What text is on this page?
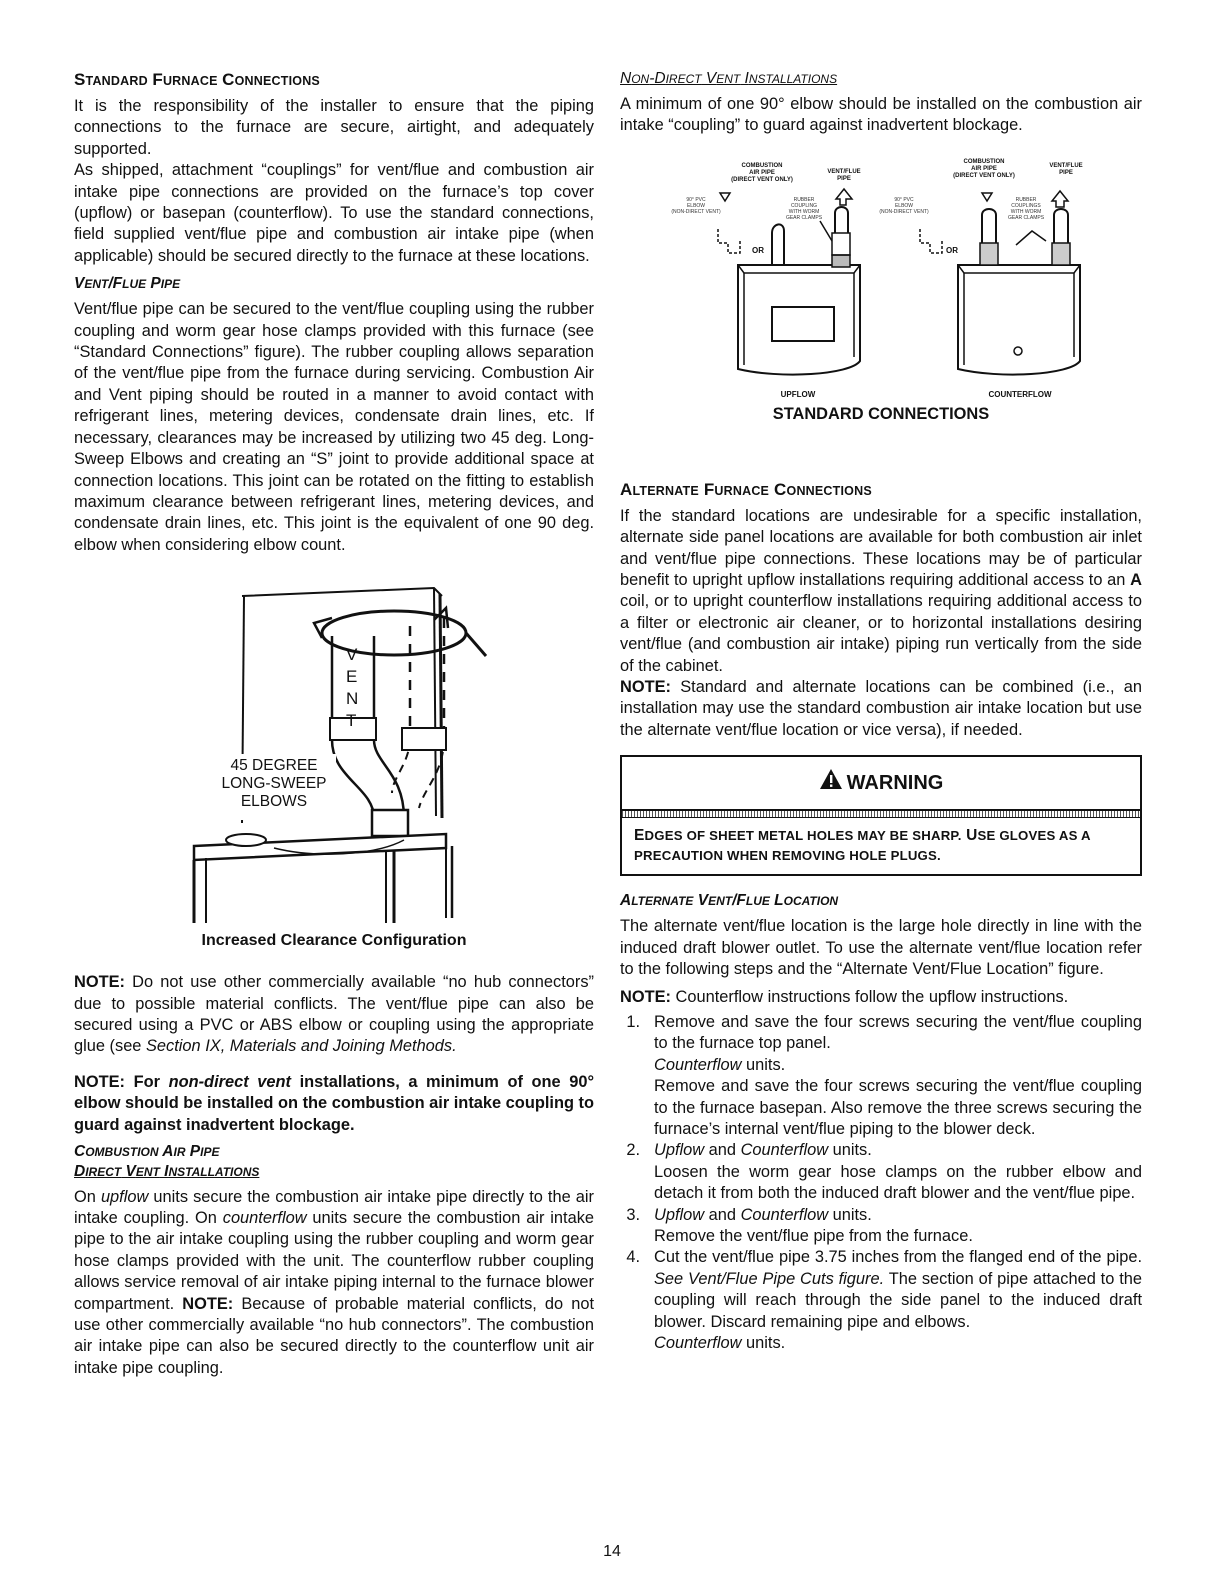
STANDARD FURNACE CONNECTIONS

It is the responsibility of the installer to ensure that the piping connections to the furnace are secure, airtight, and adequately supported.

As shipped, attachment “couplings” for vent/flue and combustion air intake pipe connections are provided on the furnace’s top cover (upflow) or basepan (counterflow). To use the standard connections, field supplied vent/flue pipe and combustion air intake pipe (when applicable) should be secured directly to the furnace at these locations.

VENT/FLUE PIPE

Vent/flue pipe can be secured to the vent/flue coupling using the rubber coupling and worm gear hose clamps provided with this furnace (see “Standard Connections” figure). The rubber coupling allows separation of the vent/flue pipe from the furnace during servicing. Combustion Air and Vent piping should be routed in a manner to avoid contact with refrigerant lines, metering devices, condensate drain lines, etc. If necessary, clearances may be increased by utilizing two 45 deg. Long-Sweep Elbows and creating an “S” joint to provide additional space at connection locations. This joint can be rotated on the fitting to establish maximum clearance between refrigerant lines, metering devices, and condensate drain lines, etc. This joint is the equivalent of one 90 deg. elbow when considering elbow count.

V
E
N
T
45 DEGREE
LONG-SWEEP
ELBOWS
Increased Clearance Configuration

NOTE: Do not use other commercially available “no hub connectors” due to possible material conflicts. The vent/flue pipe can also be secured using a PVC or ABS elbow or coupling using the appropriate glue (see Section IX, Materials and Joining Methods.

NOTE: For non-direct vent installations, a minimum of one 90° elbow should be installed on the combustion air intake coupling to guard against inadvertent blockage.

COMBUSTION AIR PIPE
DIRECT VENT INSTALLATIONS

On upflow units secure the combustion air intake pipe directly to the air intake coupling. On counterflow units secure the combustion air intake pipe to the air intake coupling using the rubber coupling and worm gear hose clamps provided with the unit. The counterflow rubber coupling allows service removal of air intake piping internal to the furnace blower compartment. NOTE: Because of probable material conflicts, do not use other commercially available “no hub connectors”. The combustion air intake pipe can also be secured directly to the counterflow unit air intake pipe coupling.

NON-DIRECT VENT INSTALLATIONS

A minimum of one 90° elbow should be installed on the combustion air intake “coupling” to guard against inadvertent blockage.

COMBUSTION
AIR PIPE
(DIRECT VENT ONLY)
VENT/FLUE
PIPE
COMBUSTION
AIR PIPE
(DIRECT VENT ONLY)
VENT/FLUE
PIPE
90° PVC
ELBOW
(NON-DIRECT VENT)
RUBBER
COUPLING
WITH WORM
GEAR CLAMPS
90° PVC
ELBOW
(NON-DIRECT VENT)
RUBBER
COUPLINGS
WITH WORM
GEAR CLAMPS
OR	OR
UPFLOW	COUNTERFLOW
STANDARD CONNECTIONS
ALTERNATE FURNACE CONNECTIONS

If the standard locations are undesirable for a specific installation, alternate side panel locations are available for both combustion air inlet and vent/flue pipe connections. These locations may be of particular benefit to upright upflow installations requiring additional access to an A coil, or to upright counterflow installations requiring additional access to a filter or electronic air cleaner, or to horizontal installations desiring vent/flue (and combustion air intake) piping run vertically from the side of the cabinet.

NOTE: Standard and alternate locations can be combined (i.e., an installation may use the standard combustion air intake location but use the alternate vent/flue location or vice versa), if needed.

WARNING
EDGES OF SHEET METAL HOLES MAY BE SHARP. USE GLOVES AS A PRECAUTION WHEN REMOVING HOLE PLUGS.
ALTERNATE VENT/FLUE LOCATION

The alternate vent/flue location is the large hole directly in line with the induced draft blower outlet. To use the alternate vent/flue location refer to the following steps and the “Alternate Vent/Flue Location” figure.

NOTE: Counterflow instructions follow the upflow instructions.

1. Remove and save the four screws securing the vent/flue coupling to the furnace top panel.

Counterflow units.

Remove and save the four screws securing the vent/flue coupling to the furnace basepan. Also remove the three screws securing the furnace’s internal vent/flue piping to the blower deck.

2. Upflow and Counterflow units.

Loosen the worm gear hose clamps on the rubber elbow and detach it from both the induced draft blower and the vent/flue pipe.

3. Upflow and Counterflow units.

Remove the vent/flue pipe from the furnace.

4. Cut the vent/flue pipe 3.75 inches from the flanged end of the pipe. See Vent/Flue Pipe Cuts figure. The section of pipe attached to the coupling will reach through the side panel to the induced draft blower. Discard remaining pipe and elbows.

Counterflow units.

14
